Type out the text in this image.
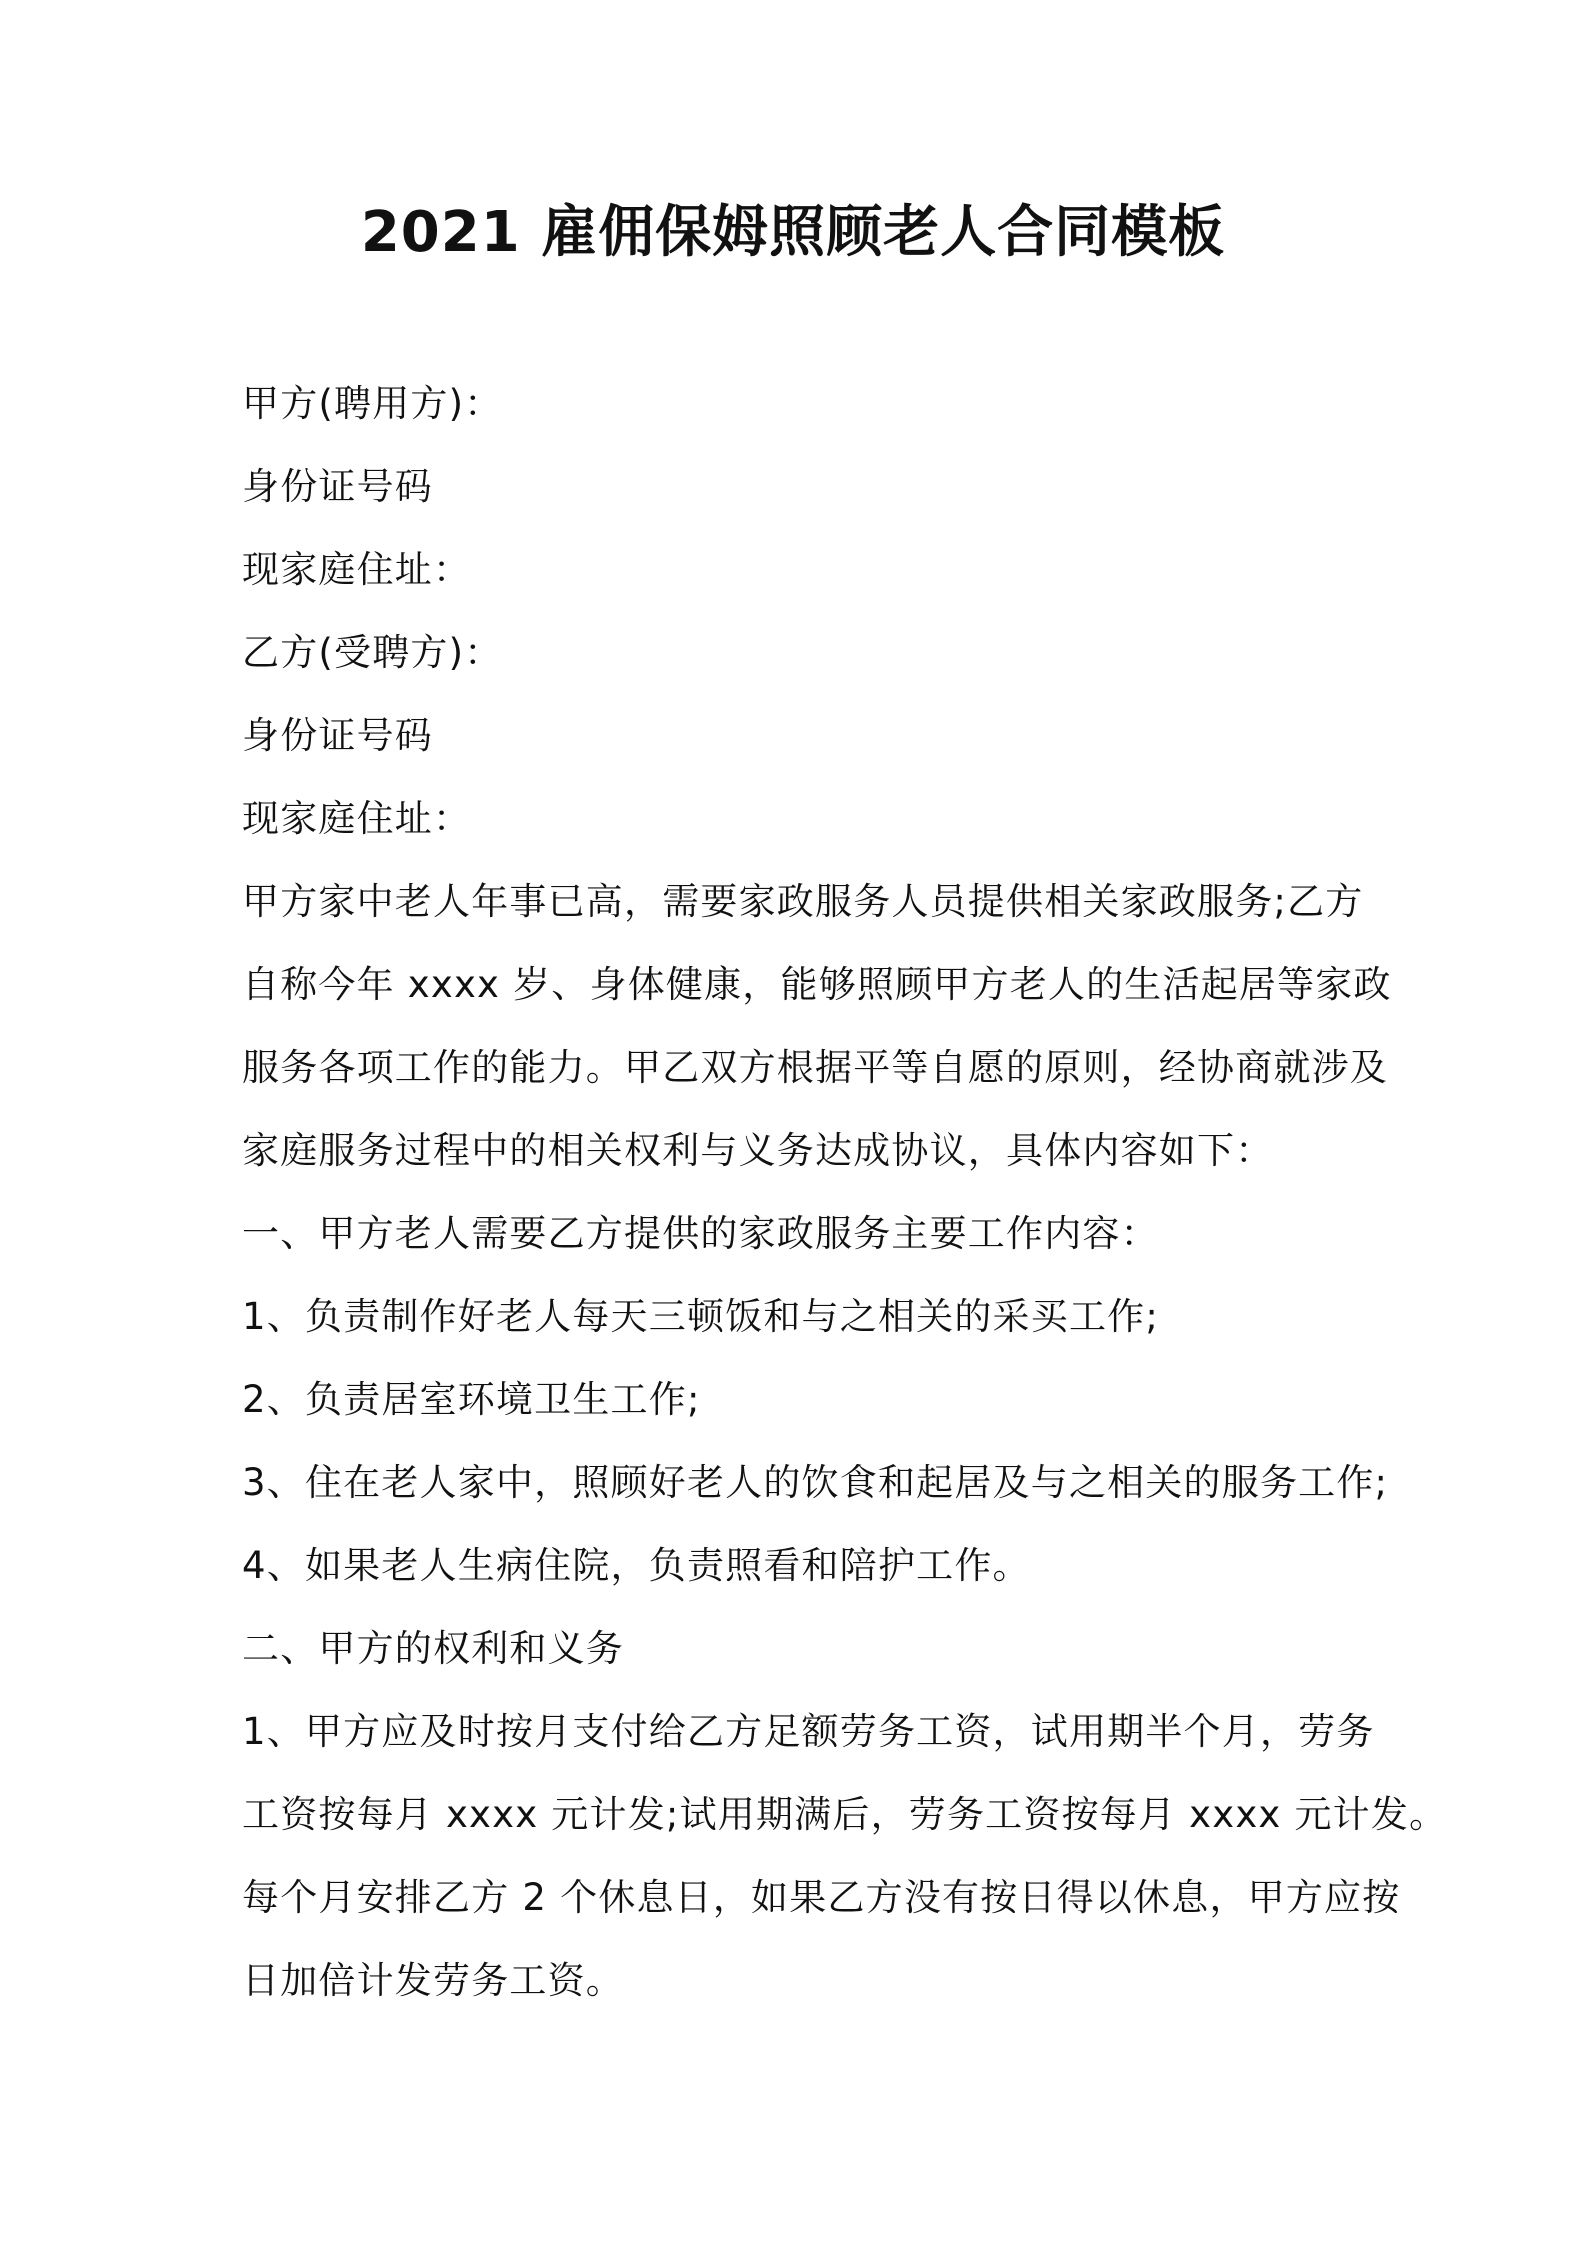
2021 雇佣保姆照顾老人合同模板
甲方(聘用方)：
身份证号码
现家庭住址：
乙方(受聘方)：
身份证号码
现家庭住址：
甲方家中老人年事已高，需要家政服务人员提供相关家政服务;乙方
自称今年 xxxx 岁、身体健康，能够照顾甲方老人的生活起居等家政
服务各项工作的能力。甲乙双方根据平等自愿的原则，经协商就涉及
家庭服务过程中的相关权利与义务达成协议，具体内容如下：
一、甲方老人需要乙方提供的家政服务主要工作内容：
1、负责制作好老人每天三顿饭和与之相关的采买工作;
2、负责居室环境卫生工作;
3、住在老人家中，照顾好老人的饮食和起居及与之相关的服务工作;
4、如果老人生病住院，负责照看和陪护工作。
二、甲方的权利和义务
1、甲方应及时按月支付给乙方足额劳务工资，试用期半个月，劳务
工资按每月 xxxx 元计发;试用期满后，劳务工资按每月 xxxx 元计发。
每个月安排乙方 2 个休息日，如果乙方没有按日得以休息，甲方应按
日加倍计发劳务工资。
